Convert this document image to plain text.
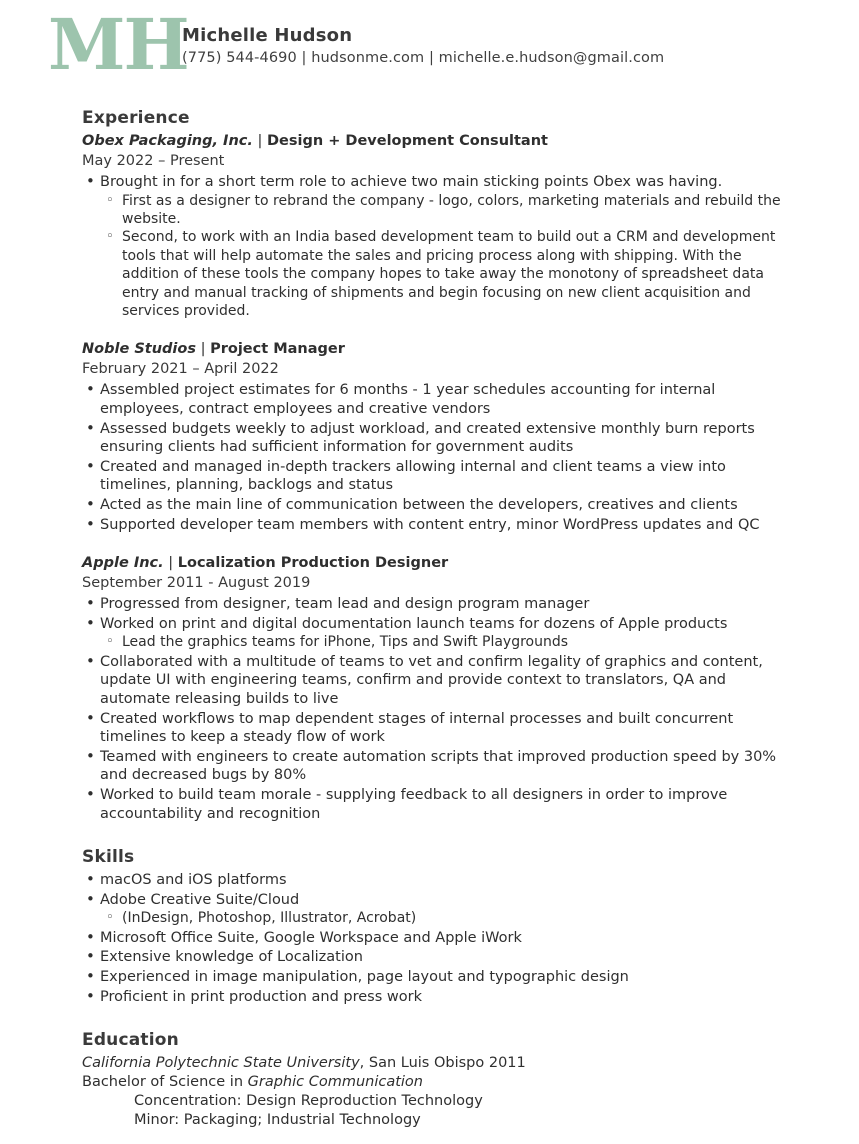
MH
Michelle Hudson
(775) 544-4690 | hudsonme.com | michelle.e.hudson@gmail.com
Experience

Obex Packaging, Inc. | Design + Development Consultant

May 2022 – Present

• Brought in for a short term role to achieve two main sticking points Obex was having.
◦ First as a designer to rebrand the company - logo, colors, marketing materials and rebuild the website.
◦ Second, to work with an India based development team to build out a CRM and development tools that will help automate the sales and pricing process along with shipping. With the addition of these tools the company hopes to take away the monotony of spreadsheet data entry and manual tracking of shipments and begin focusing on new client acquisition and services provided.

Noble Studios | Project Manager

February 2021 – April 2022

• Assembled project estimates for 6 months - 1 year schedules accounting for internal employees, contract employees and creative vendors
• Assessed budgets weekly to adjust workload, and created extensive monthly burn reports ensuring clients had sufficient information for government audits
• Created and managed in-depth trackers allowing internal and client teams a view into timelines, planning, backlogs and status
• Acted as the main line of communication between the developers, creatives and clients
• Supported developer team members with content entry, minor WordPress updates and QC

Apple Inc. | Localization Production Designer

September 2011 - August 2019

• Progressed from designer, team lead and design program manager
• Worked on print and digital documentation launch teams for dozens of Apple products
◦ Lead the graphics teams for iPhone, Tips and Swift Playgrounds
• Collaborated with a multitude of teams to vet and confirm legality of graphics and content, update UI with engineering teams, confirm and provide context to translators, QA and automate releasing builds to live
• Created workflows to map dependent stages of internal processes and built concurrent timelines to keep a steady flow of work
• Teamed with engineers to create automation scripts that improved production speed by 30% and decreased bugs by 80%
• Worked to build team morale - supplying feedback to all designers in order to improve accountability and recognition
Skills
• macOS and iOS platforms
• Adobe Creative Suite/Cloud
◦ (InDesign, Photoshop, Illustrator, Acrobat)
• Microsoft Office Suite, Google Workspace and Apple iWork
• Extensive knowledge of Localization
• Experienced in image manipulation, page layout and typographic design
• Proficient in print production and press work
Education

California Polytechnic State University, San Luis Obispo 2011

Bachelor of Science in Graphic Communication

Concentration: Design Reproduction Technology

Minor: Packaging; Industrial Technology
